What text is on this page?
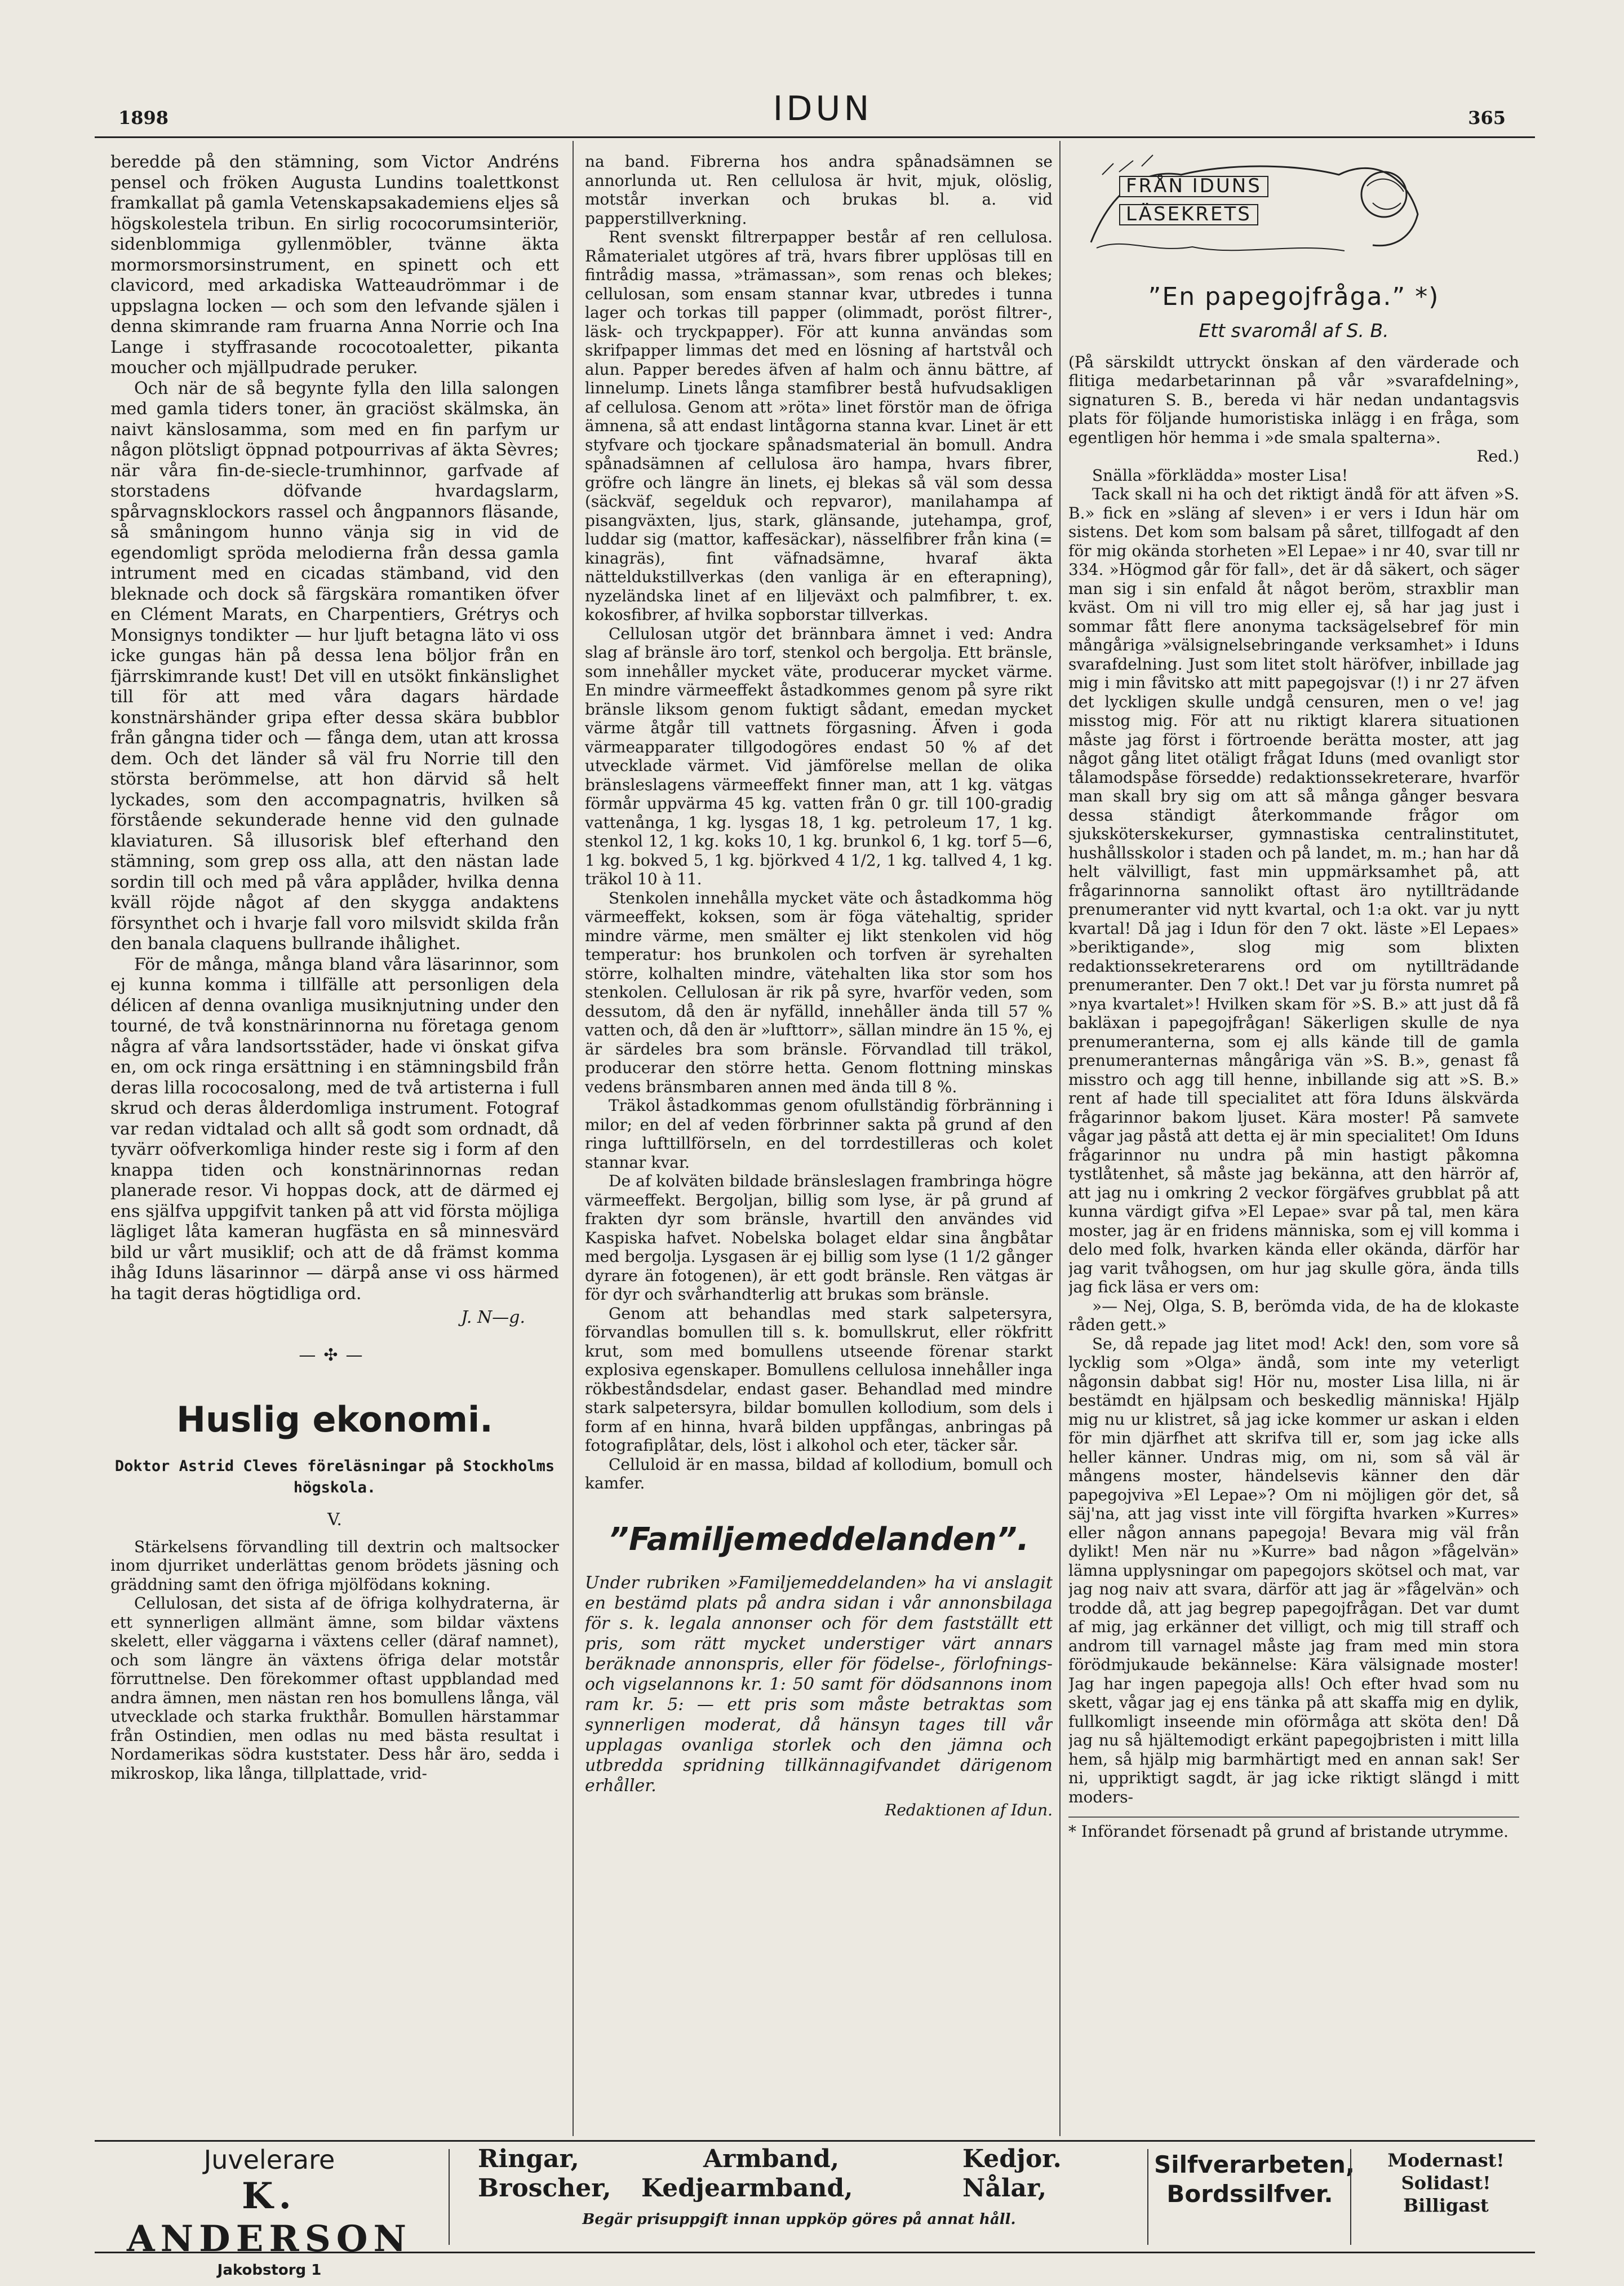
1898	IDUN	365

beredde på den stämning, som Victor Andréns pensel och fröken Augusta Lundins toalettkonst framkallat på gamla Vetenskapsakademiens eljes så högskolestela tribun. En sirlig rococorumsinteriör, sidenblommiga gyllenmöbler, tvänne äkta mormorsmorsinstrument, en spinett och ett clavicord, med arkadiska Watteaudrömmar i de uppslagna locken — och som den lefvande själen i denna skimrande ram fruarna Anna Norrie och Ina Lange i styffrasande rococotoaletter, pikanta moucher och mjällpudrade peruker.

Och när de så begynte fylla den lilla salongen med gamla tiders toner, än graciöst skälmska, än naivt känslosamma, som med en fin parfym ur någon plötsligt öppnad potpourrivas af äkta Sèvres; när våra fin-de-siecle-trumhinnor, garfvade af storstadens döfvande hvardagslarm, spårvagnsklockors rassel och ångpannors fläsande, så småningom hunno vänja sig in vid de egendomligt spröda melodierna från dessa gamla intrument med en cicadas stämband, vid den bleknade och dock så färgskära romantiken öfver en Clément Marats, en Charpentiers, Grétrys och Monsignys tondikter — hur ljuft betagna läto vi oss icke gungas hän på dessa lena böljor från en fjärrskimrande kust! Det vill en utsökt finkänslighet till för att med våra dagars härdade konstnärshänder gripa efter dessa skära bubblor från gångna tider och — fånga dem, utan att krossa dem. Och det länder så väl fru Norrie till den största berömmelse, att hon därvid så helt lyckades, som den accompagnatris, hvilken så förstående sekunderade henne vid den gulnade klaviaturen. Så illusorisk blef efterhand den stämning, som grep oss alla, att den nästan lade sordin till och med på våra applåder, hvilka denna kväll röjde något af den skygga andaktens försynthet och i hvarje fall voro milsvidt skilda från den banala claquens bullrande ihålighet.

För de många, många bland våra läsarinnor, som ej kunna komma i tillfälle att personligen dela délicen af denna ovanliga musiknjutning under den tourné, de två konstnärinnorna nu företaga genom några af våra landsortsstäder, hade vi önskat gifva en, om ock ringa ersättning i en stämningsbild från deras lilla rococosalong, med de två artisterna i full skrud och deras ålderdomliga instrument. Fotograf var redan vidtalad och allt så godt som ordnadt, då tyvärr oöfverkomliga hinder reste sig i form af den knappa tiden och konstnärinnornas redan planerade resor. Vi hoppas dock, att de därmed ej ens själfva uppgifvit tanken på att vid första möjliga lägliget låta kameran hugfästa en så minnesvärd bild ur vårt musiklif; och att de då främst komma ihåg Iduns läsarinnor — därpå anse vi oss härmed ha tagit deras högtidliga ord.

J. N—g.
—✣—
Huslig ekonomi.
Doktor Astrid Cleves föreläsningar på Stockholms högskola.
V.

Stärkelsens förvandling till dextrin och maltsocker inom djurriket underlättas genom brödets jäsning och gräddning samt den öfriga mjölfödans kokning.

Cellulosan, det sista af de öfriga kolhydraterna, är ett synnerligen allmänt ämne, som bildar växtens skelett, eller väggarna i växtens celler (däraf namnet), och som längre än växtens öfriga delar motstår förruttnelse. Den förekommer oftast uppblandad med andra ämnen, men nästan ren hos bomullens långa, väl utvecklade och starka frukthår. Bomullen härstammar från Ostindien, men odlas nu med bästa resultat i Nordamerikas södra kuststater. Dess hår äro, sedda i mikroskop, lika långa, tillplattade, vrid-

na band. Fibrerna hos andra spånadsämnen se annorlunda ut. Ren cellulosa är hvit, mjuk, olöslig, motstår inverkan och brukas bl. a. vid papperstillverkning.

Rent svenskt filtrerpapper består af ren cellulosa. Råmaterialet utgöres af trä, hvars fibrer upplösas till en fintrådig massa, »trämassan», som renas och blekes; cellulosan, som ensam stannar kvar, utbredes i tunna lager och torkas till papper (olimmadt, poröst filtrer-, läsk- och tryckpapper). För att kunna användas som skrifpapper limmas det med en lösning af hartstvål och alun. Papper beredes äfven af halm och ännu bättre, af linnelump. Linets långa stamfibrer bestå hufvudsakligen af cellulosa. Genom att »röta» linet förstör man de öfriga ämnena, så att endast lintågorna stanna kvar. Linet är ett styfvare och tjockare spånadsmaterial än bomull. Andra spånadsämnen af cellulosa äro hampa, hvars fibrer, gröfre och längre än linets, ej blekas så väl som dessa (säckväf, segelduk och repvaror), manilahampa af pisangväxten, ljus, stark, glänsande, jutehampa, grof, luddar sig (mattor, kaffesäckar), nässelfibrer från kina (= kinagräs), fint väfnadsämne, hvaraf äkta nätteldukstillverkas (den vanliga är en efterapning), nyzeländska linet af en liljeväxt och palmfibrer, t. ex. kokosfibrer, af hvilka sopborstar tillverkas.

Cellulosan utgör det brännbara ämnet i ved: Andra slag af bränsle äro torf, stenkol och bergolja. Ett bränsle, som innehåller mycket väte, producerar mycket värme. En mindre värmeeffekt åstadkommes genom på syre rikt bränsle liksom genom fuktigt sådant, emedan mycket värme åtgår till vattnets förgasning. Äfven i goda värmeapparater tillgodogöres endast 50 % af det utvecklade värmet. Vid jämförelse mellan de olika bränsleslagens värmeeffekt finner man, att 1 kg. vätgas förmår uppvärma 45 kg. vatten från 0 gr. till 100-gradig vattenånga, 1 kg. lysgas 18, 1 kg. petroleum 17, 1 kg. stenkol 12, 1 kg. koks 10, 1 kg. brunkol 6, 1 kg. torf 5—6, 1 kg. bokved 5, 1 kg. björkved 4 1/2, 1 kg. tallved 4, 1 kg. träkol 10 à 11.

Stenkolen innehålla mycket väte och åstadkomma hög värmeeffekt, koksen, som är föga vätehaltig, sprider mindre värme, men smälter ej likt stenkolen vid hög temperatur: hos brunkolen och torfven är syrehalten större, kolhalten mindre, vätehalten lika stor som hos stenkolen. Cellulosan är rik på syre, hvarför veden, som dessutom, då den är nyfälld, innehåller ända till 57 % vatten och, då den är »lufttorr», sällan mindre än 15 %, ej är särdeles bra som bränsle. Förvandlad till träkol, producerar den större hetta. Genom flottning minskas vedens bränsmbaren annen med ända till 8 %.

Träkol åstadkommas genom ofullständig förbränning i milor; en del af veden förbrinner sakta på grund af den ringa lufttillförseln, en del torrdestilleras och kolet stannar kvar.

De af kolväten bildade bränsleslagen frambringa högre värmeeffekt. Bergoljan, billig som lyse, är på grund af frakten dyr som bränsle, hvartill den användes vid Kaspiska hafvet. Nobelska bolaget eldar sina ångbåtar med bergolja. Lysgasen är ej billig som lyse (1 1/2 gånger dyrare än fotogenen), är ett godt bränsle. Ren vätgas är för dyr och svårhandterlig att brukas som bränsle.

Genom att behandlas med stark salpetersyra, förvandlas bomullen till s. k. bomullskrut, eller rökfritt krut, som med bomullens utseende förenar starkt explosiva egenskaper. Bomullens cellulosa innehåller inga rökbeståndsdelar, endast gaser. Behandlad med mindre stark salpetersyra, bildar bomullen kollodium, som dels i form af en hinna, hvarå bilden uppfångas, anbringas på fotografiplåtar, dels, löst i alkohol och eter, täcker sår.

Celluloid är en massa, bildad af kollodium, bomull och kamfer.

”Familjemeddelanden”.
Under rubriken »Familjemeddelanden» ha vi anslagit en bestämd plats på andra sidan i vår annonsbilaga för s. k. legala annonser och för dem fastställt ett pris, som rätt mycket understiger värt annars beräknade annonspris, eller för födelse-, förlofnings- och vigselannons kr. 1: 50 samt för dödsannons inom ram kr. 5: — ett pris som måste betraktas som synnerligen moderat, då hänsyn tages till vår upplagas ovanliga storlek och den jämna och utbredda spridning tillkännagifvandet därigenom erhåller.
Redaktionen af Idun.
FRÅN IDUNS
LÄSEKRETS
”En papegojfråga.” *)
Ett svaromål af S. B.

(På särskildt uttryckt önskan af den värderade och flitiga medarbetarinnan på vår »svarafdelning», signaturen S. B., bereda vi här nedan undantagsvis plats för följande humoristiska inlägg i en fråga, som egentligen hör hemma i »de smala spalterna».

Red.)

Snälla »förklädda» moster Lisa!

Tack skall ni ha och det riktigt ändå för att äfven »S. B.» fick en »släng af sleven» i er vers i Idun här om sistens. Det kom som balsam på såret, tillfogadt af den för mig okända storheten »El Lepae» i nr 40, svar till nr 334. »Högmod går för fall», det är då säkert, och säger man sig i sin enfald åt något beröm, straxblir man kväst. Om ni vill tro mig eller ej, så har jag just i sommar fått flere anonyma tacksägelsebref för min mångåriga »välsignelsebringande verksamhet» i Iduns svarafdelning. Just som litet stolt häröfver, inbillade jag mig i min fåvitsko att mitt papegojsvar (!) i nr 27 äfven det lyckligen skulle undgå censuren, men o ve! jag misstog mig. För att nu riktigt klarera situationen måste jag först i förtroende berätta moster, att jag något gång litet otäligt frågat Iduns (med ovanligt stor tålamodspåse försedde) redaktionssekreterare, hvarför man skall bry sig om att så många gånger besvara dessa ständigt återkommande frågor om sjuksköterskekurser, gymnastiska centralinstitutet, hushållsskolor i staden och på landet, m. m.; han har då helt välvilligt, fast min uppmärksamhet på, att frågarinnorna sannolikt oftast äro nytillträdande prenumeranter vid nytt kvartal, och 1:a okt. var ju nytt kvartal! Då jag i Idun för den 7 okt. läste »El Lepaes» »beriktigande», slog mig som blixten redaktionssekreterarens ord om nytillträdande prenumeranter. Den 7 okt.! Det var ju första numret på »nya kvartalet»! Hvilken skam för »S. B.» att just då få bakläxan i papegojfrågan! Säkerligen skulle de nya prenumeranterna, som ej alls kände till de gamla prenumeranternas mångåriga vän »S. B.», genast få misstro och agg till henne, inbillande sig att »S. B.» rent af hade till specialitet att föra Iduns älskvärda frågarinnor bakom ljuset. Kära moster! På samvete vågar jag påstå att detta ej är min specialitet! Om Iduns frågarinnor nu undra på min hastigt påkomna tystlåtenhet, så måste jag bekänna, att den härrör af, att jag nu i omkring 2 veckor förgäfves grubblat på att kunna värdigt gifva »El Lepae» svar på tal, men kära moster, jag är en fridens människa, som ej vill komma i delo med folk, hvarken kända eller okända, därför har jag varit tvåhogsen, om hur jag skulle göra, ända tills jag fick läsa er vers om:

»— Nej, Olga, S. B, berömda vida, de ha de klokaste råden gett.»

Se, då repade jag litet mod! Ack! den, som vore så lycklig som »Olga» ändå, som inte my veterligt någonsin dabbat sig! Hör nu, moster Lisa lilla, ni är bestämdt en hjälpsam och beskedlig människa! Hjälp mig nu ur klistret, så jag icke kommer ur askan i elden för min djärfhet att skrifva till er, som jag icke alls heller känner. Undras mig, om ni, som så väl är mångens moster, händelsevis känner den där papegojviva »El Lepae»? Om ni möjligen gör det, så säj'na, att jag visst inte vill förgifta hvarken »Kurres» eller någon annans papegoja! Bevara mig väl från dylikt! Men när nu »Kurre» bad någon »fågelvän» lämna upplysningar om papegojors skötsel och mat, var jag nog naiv att svara, därför att jag är »fågelvän» och trodde då, att jag begrep papegojfrågan. Det var dumt af mig, jag erkänner det villigt, och mig till straff och androm till varnagel måste jag fram med min stora förödmjukaude bekännelse: Kära välsignade moster! Jag har ingen papegoja alls! Och efter hvad som nu skett, vågar jag ej ens tänka på att skaffa mig en dylik, fullkomligt inseende min oförmåga att sköta den! Då jag nu så hjältemodigt erkänt papegojbristen i mitt lilla hem, så hjälp mig barmhärtigt med en annan sak! Ser ni, uppriktigt sagdt, är jag icke riktigt slängd i mitt moders-

* Införandet försenadt på grund af bristande utrymme.
Juvelerare
K. ANDERSON
Jakobstorg 1
Ringar,	Armband,	Kedjor.
Broscher, Kedjearmband,	Nålar,
Begär prisuppgift innan uppköp göres på annat håll.
Silfverarbeten,
Bordssilfver.
Modernast!
Solidast!
Billigast
